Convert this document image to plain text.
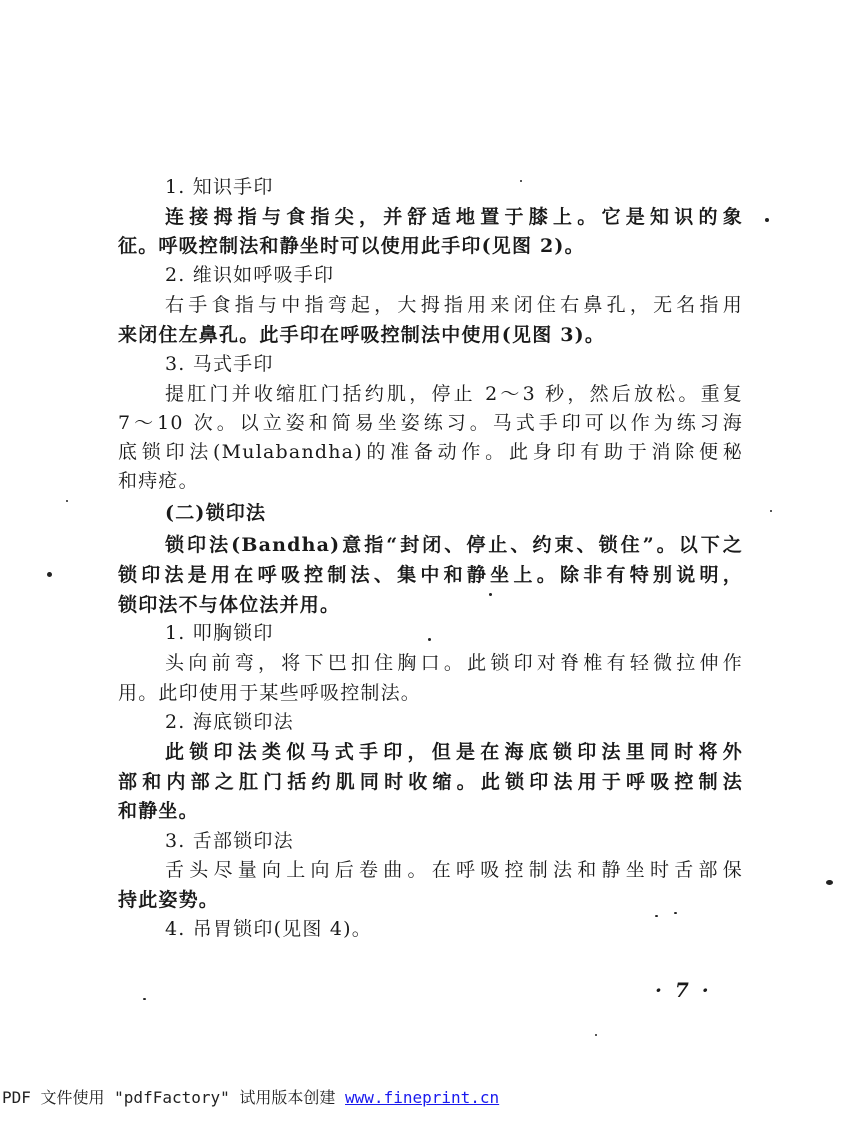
1. 知识手印
连接拇指与食指尖，并舒适地置于膝上。它是知识的象
征。呼吸控制法和静坐时可以使用此手印(见图 2)。
2. 维识如呼吸手印
右手食指与中指弯起，大拇指用来闭住右鼻孔，无名指用
来闭住左鼻孔。此手印在呼吸控制法中使用(见图 3)。
3. 马式手印
提肛门并收缩肛门括约肌，停止 2～3 秒，然后放松。重复
7～10 次。以立姿和简易坐姿练习。马式手印可以作为练习海
底锁印法(Mulabandha)的准备动作。此身印有助于消除便秘
和痔疮。
(二)锁印法
锁印法(Bandha)意指“封闭、停止、约束、锁住”。以下之
锁印法是用在呼吸控制法、集中和静坐上。除非有特别说明，
锁印法不与体位法并用。
1. 叩胸锁印
头向前弯，将下巴扣住胸口。此锁印对脊椎有轻微拉伸作
用。此印使用于某些呼吸控制法。
2. 海底锁印法
此锁印法类似马式手印，但是在海底锁印法里同时将外
部和内部之肛门括约肌同时收缩。此锁印法用于呼吸控制法
和静坐。
3. 舌部锁印法
舌头尽量向上向后卷曲。在呼吸控制法和静坐时舌部保
持此姿势。
4. 吊胃锁印(见图 4)。
· 7 ·
PDF 文件使用 "pdfFactory" 试用版本创建 www.fineprint.cn
